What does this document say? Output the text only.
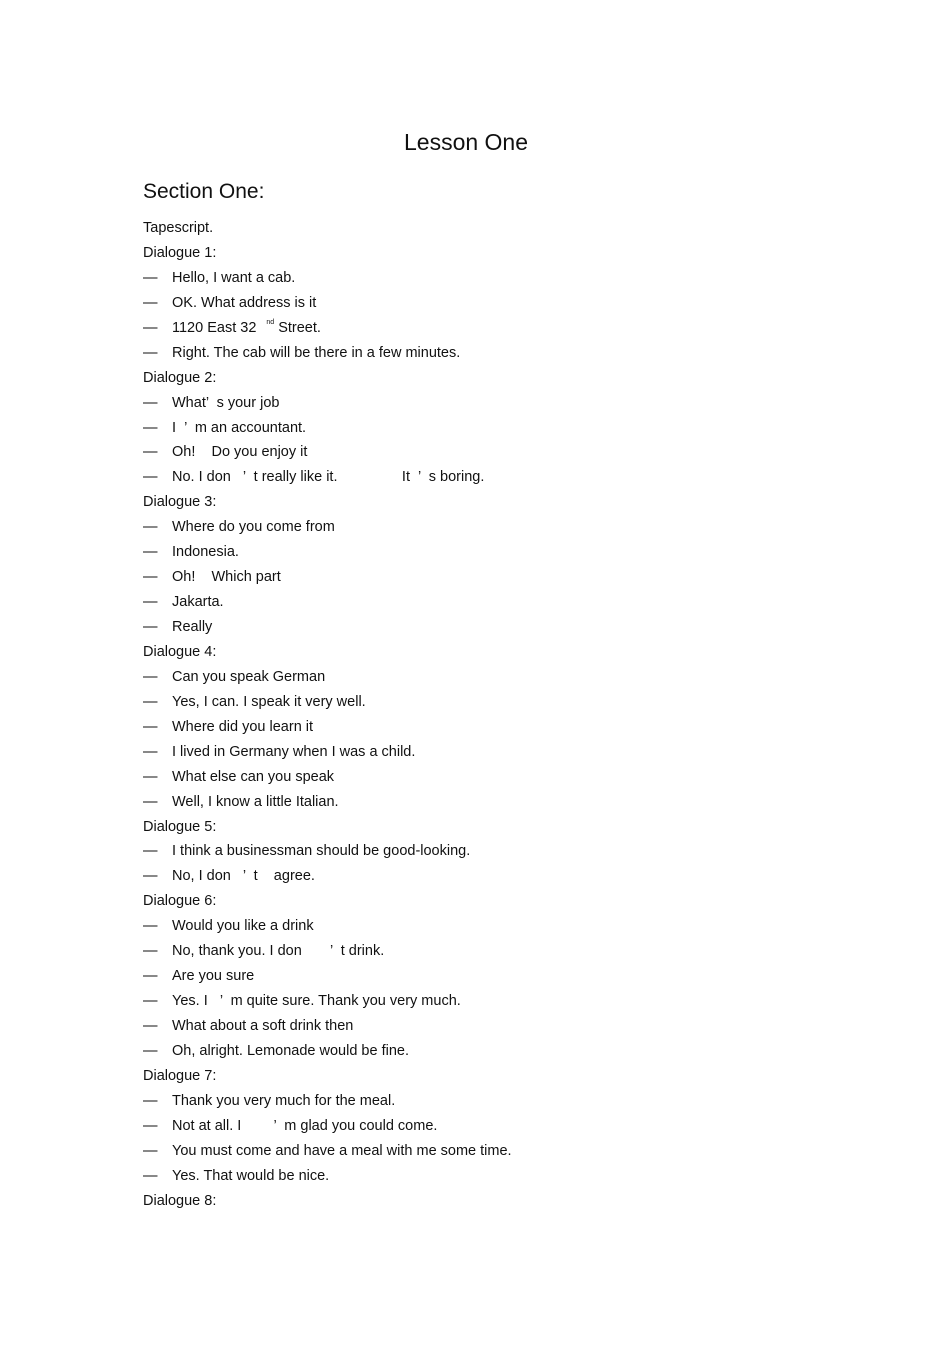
Lesson One
Section One:
Tapescript.
Dialogue 1:
— Hello, I want a cab.
— OK. What address is it
— 1120 East 32 $^{nd}$ Street.
— Right. The cab will be there in a few minutes.
Dialogue 2:
— What’  s your job
— I  ’  m an accountant.
— Oh!    Do you enjoy it
— No. I don   ’  t really like it.                It  ’  s boring.
Dialogue 3:
— Where do you come from
— Indonesia.
— Oh!    Which part
— Jakarta.
— Really
Dialogue 4:
— Can you speak German
— Yes, I can. I speak it very well.
— Where did you learn it
— I lived in Germany when I was a child.
— What else can you speak
— Well, I know a little Italian.
Dialogue 5:
— I think a businessman should be good-looking.
— No, I don   ’  t    agree.
Dialogue 6:
— Would you like a drink
— No, thank you. I don       ’  t drink.
— Are you sure
— Yes. I   ’  m quite sure. Thank you very much.
— What about a soft drink then
— Oh, alright. Lemonade would be fine.
Dialogue 7:
— Thank you very much for the meal.
— Not at all. I        ’  m glad you could come.
— You must come and have a meal with me some time.
— Yes. That would be nice.
Dialogue 8:
